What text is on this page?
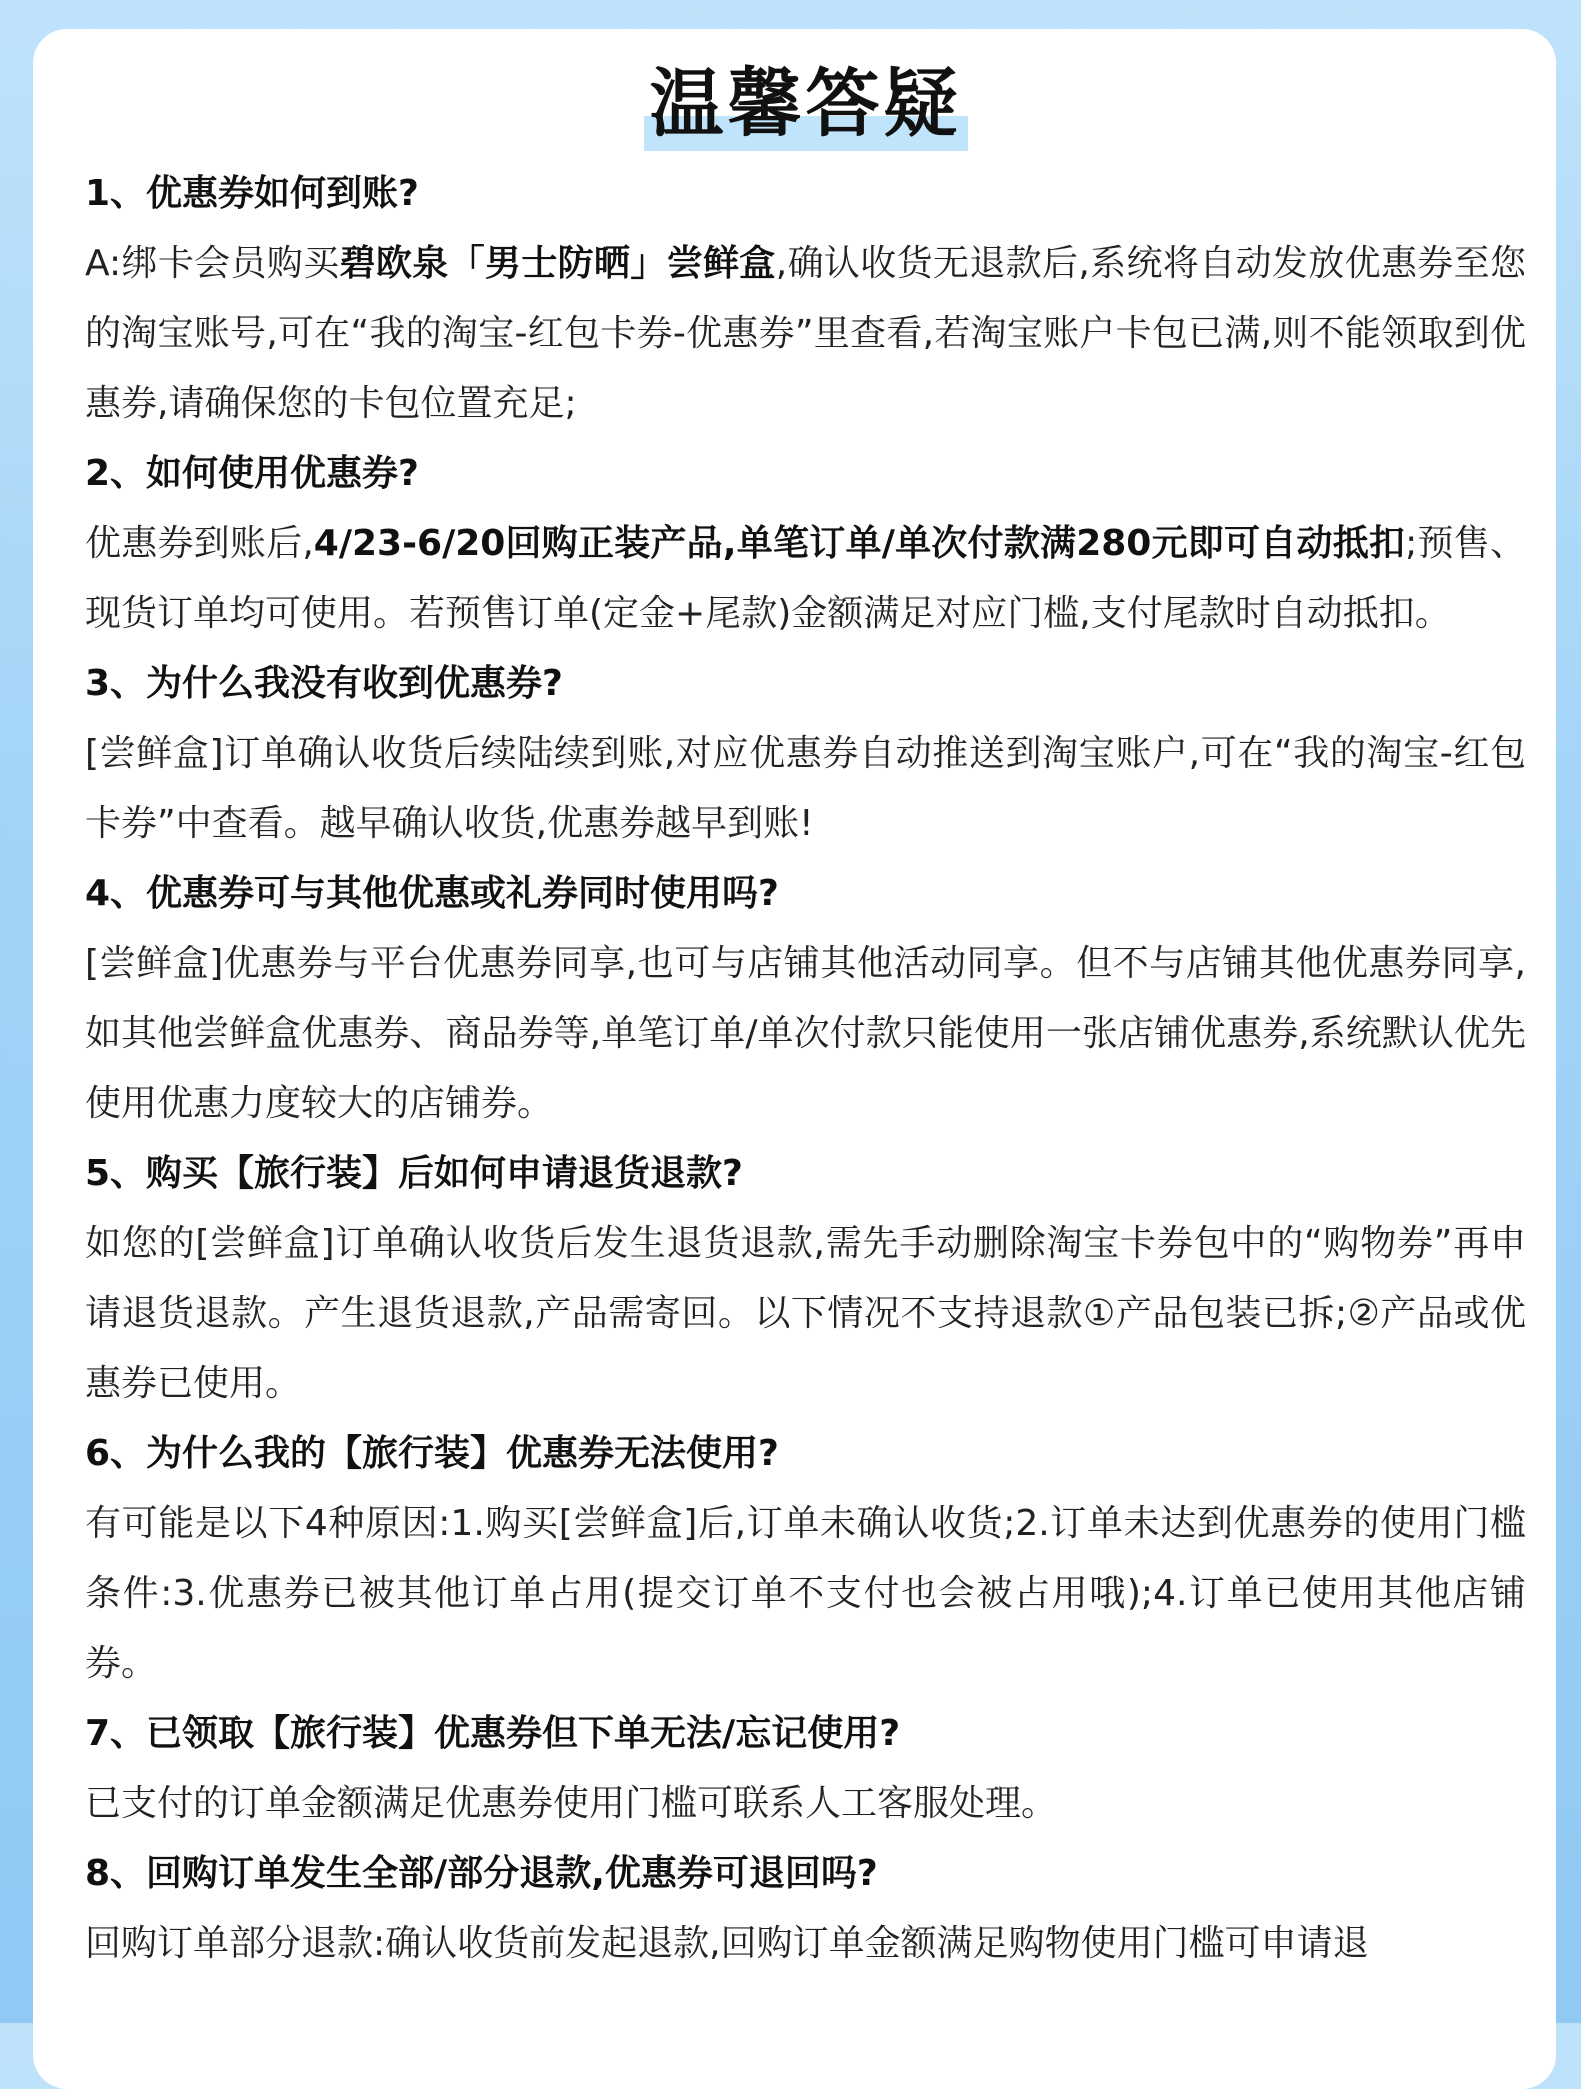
温馨答疑

1、优惠券如何到账?

A:绑卡会员购买碧欧泉「男士防晒」尝鲜盒,确认收货无退款后,系统将自动发放优惠券至您的淘宝账号,可在“我的淘宝-红包卡券-优惠券”里查看,若淘宝账户卡包已满,则不能领取到优惠券,请确保您的卡包位置充足;

2、如何使用优惠券?

优惠券到账后,4/23-6/20回购正装产品,单笔订单/单次付款满280元即可自动抵扣;预售、现货订单均可使用。若预售订单(定金+尾款)金额满足对应门槛,支付尾款时自动抵扣。

3、为什么我没有收到优惠券?

[尝鲜盒]订单确认收货后续陆续到账,对应优惠券自动推送到淘宝账户,可在“我的淘宝-红包卡券”中查看。越早确认收货,优惠券越早到账!

4、优惠券可与其他优惠或礼券同时使用吗?

[尝鲜盒]优惠券与平台优惠券同享,也可与店铺其他活动同享。但不与店铺其他优惠券同享,如其他尝鲜盒优惠券、商品券等,单笔订单/单次付款只能使用一张店铺优惠券,系统默认优先使用优惠力度较大的店铺券。

5、购买【旅行装】后如何申请退货退款?

如您的[尝鲜盒]订单确认收货后发生退货退款,需先手动删除淘宝卡券包中的“购物券”再申请退货退款。产生退货退款,产品需寄回。以下情况不支持退款①产品包装已拆;②产品或优惠券已使用。

6、为什么我的【旅行装】优惠券无法使用?

有可能是以下4种原因:1.购买[尝鲜盒]后,订单未确认收货;2.订单未达到优惠券的使用门槛条件:3.优惠券已被其他订单占用(提交订单不支付也会被占用哦);4.订单已使用其他店铺券。

7、已领取【旅行装】优惠券但下单无法/忘记使用?

已支付的订单金额满足优惠券使用门槛可联系人工客服处理。

8、回购订单发生全部/部分退款,优惠券可退回吗?

回购订单部分退款:确认收货前发起退款,回购订单金额满足购物使用门槛可申请退
